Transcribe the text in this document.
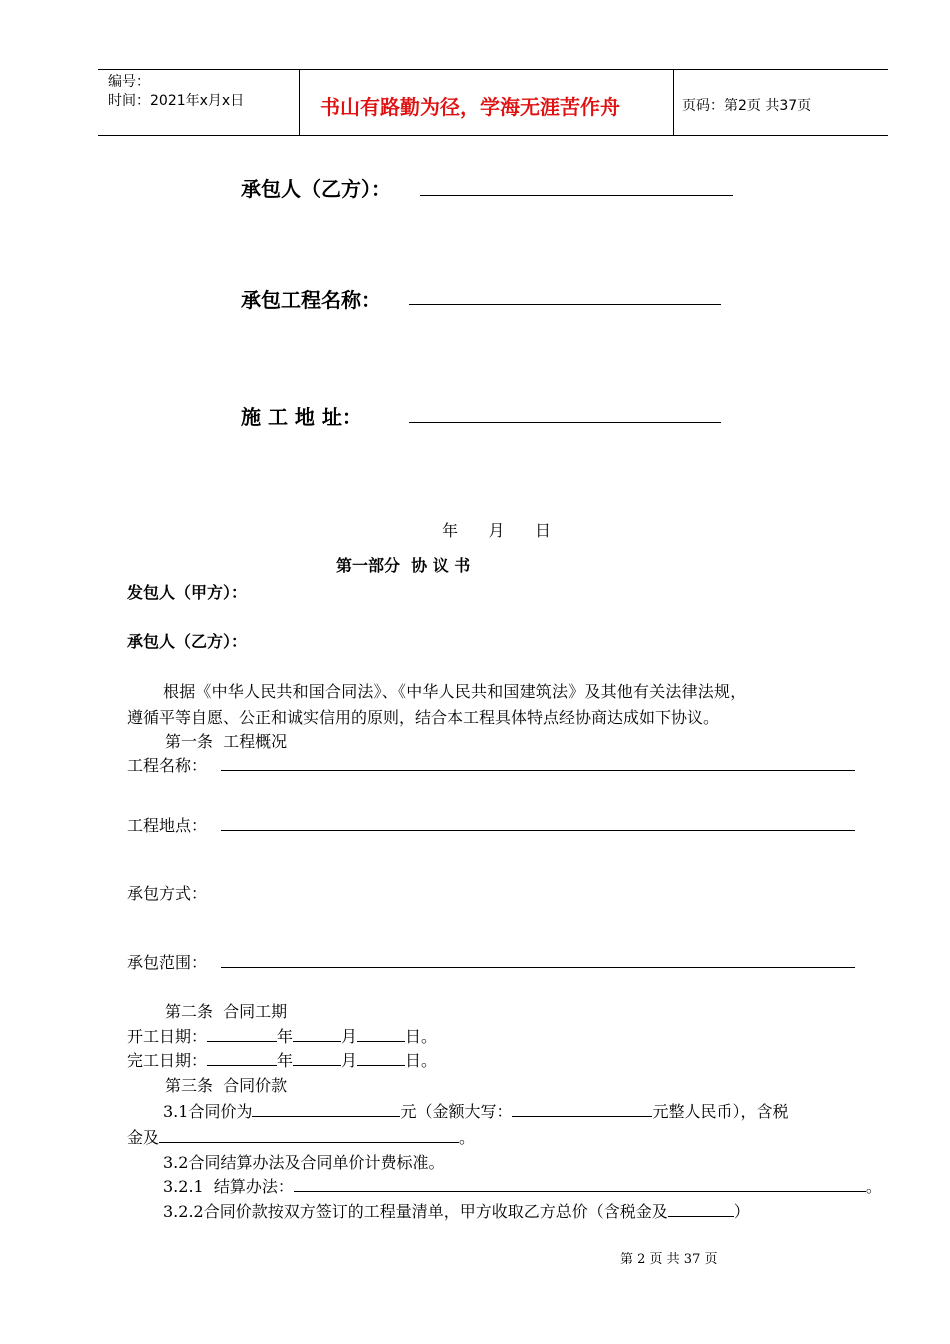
编号：
时间：2021年x月x日	书山有路勤为径，学海无涯苦作舟	页码：第2页 共37页
承包人（乙方）：
承包工程名称：
施 工 地 址：
年      月      日
第一部分  协 议 书
发包人（甲方）：
承包人（乙方）：
根据《中华人民共和国合同法》、《中华人民共和国建筑法》及其他有关法律法规，
遵循平等自愿、公正和诚实信用的原则，结合本工程具体特点经协商达成如下协议。
第一条  工程概况
工程名称：
工程地点：
承包方式：
承包范围：
第二条  合同工期
开工日期：	年	月	日。
完工日期：	年	月	日。
第三条  合同价款
3.1合同价为	元（金额大写：	元整人民币），含税
金及	。
3.2合同结算办法及合同单价计费标准。
3.2.1  结算办法：	。
3.2.2合同价款按双方签订的工程量清单，甲方收取乙方总价（含税金及	）
第 2 页 共 37 页
